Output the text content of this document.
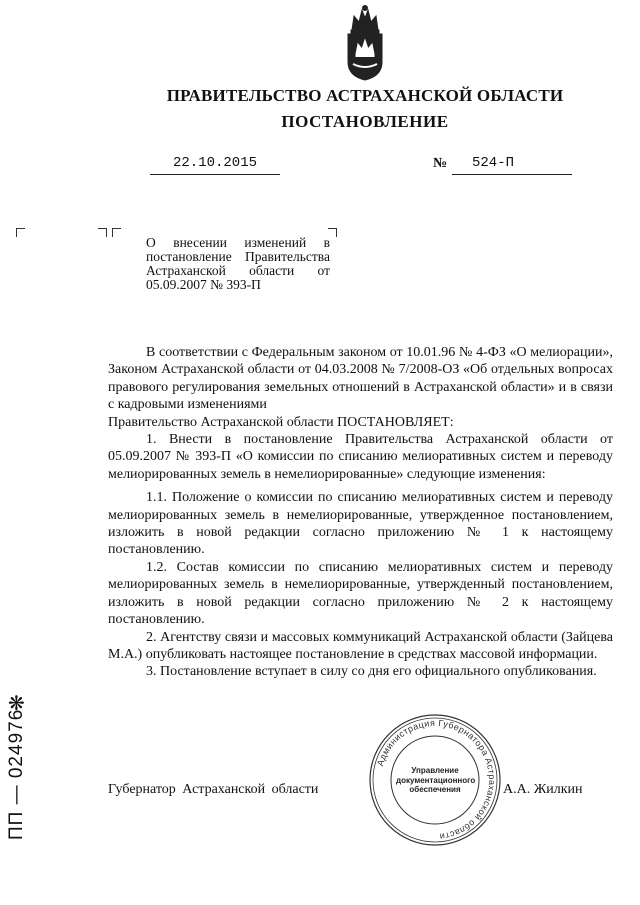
ПРАВИТЕЛЬСТВО АСТРАХАНСКОЙ ОБЛАСТИ
ПОСТАНОВЛЕНИЕ
22.10.2015	№ 524-П
О внесении изменений в постановление Правительства Астраханской области от 05.09.2007 № 393-П

В соответствии с Федеральным законом от 10.01.96 № 4-ФЗ «О мелиорации», Законом Астраханской области от 04.03.2008 № 7/2008-ОЗ «Об отдельных вопросах правового регулирования земельных отношений в Астраханской области» и в связи с кадровыми изменениями

Правительство Астраханской области ПОСТАНОВЛЯЕТ:

1. Внести в постановление Правительства Астраханской области от 05.09.2007 № 393-П «О комиссии по списанию мелиоративных систем и переводу мелиорированных земель в немелиорированные» следующие изменения:

1.1. Положение о комиссии по списанию мелиоративных систем и переводу мелиорированных земель в немелиорированные, утвержденное постановлением, изложить в новой редакции согласно приложению № 1 к настоящему постановлению.

1.2. Состав комиссии по списанию мелиоративных систем и переводу мелиорированных земель в немелиорированные, утвержденный постановлением, изложить в новой редакции согласно приложению № 2 к настоящему постановлению.

2. Агентству связи и массовых коммуникаций Астраханской области (Зайцева М.А.) опубликовать настоящее постановление в средствах массовой информации.

3. Постановление вступает в силу со дня его официального опубликования.

Губернатор Астраханской области	А.А. Жилкин
Администрация Губернатора Астраханской области
Управление документационного обеспечения
ПП — 024976
❋
